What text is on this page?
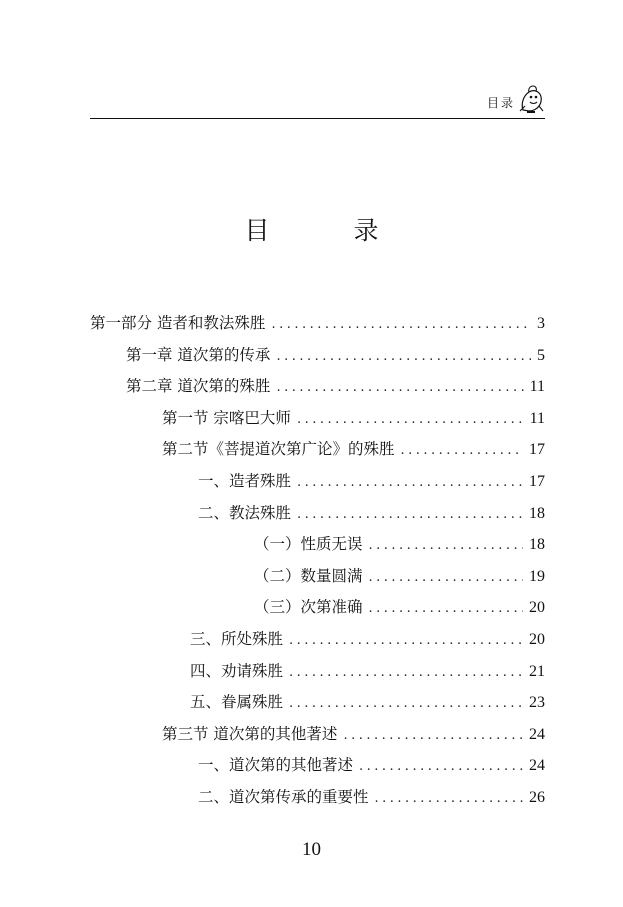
目录
目 录
第一部分 造者和教法殊胜 .....	3
第一章 道次第的传承 .....	5
第二章 道次第的殊胜 .....	11
第一节 宗喀巴大师 .....	11
第二节《菩提道次第广论》的殊胜 .....	17
一、造者殊胜 .....	17
二、教法殊胜 .....	18
（一）性质无误 .....	18
（二）数量圆满 .....	19
（三）次第准确 .....	20
三、所处殊胜 .....	20
四、劝请殊胜 .....	21
五、眷属殊胜 .....	23
第三节 道次第的其他著述 .....	24
一、道次第的其他著述 .....	24
二、道次第传承的重要性 .....	26
10
